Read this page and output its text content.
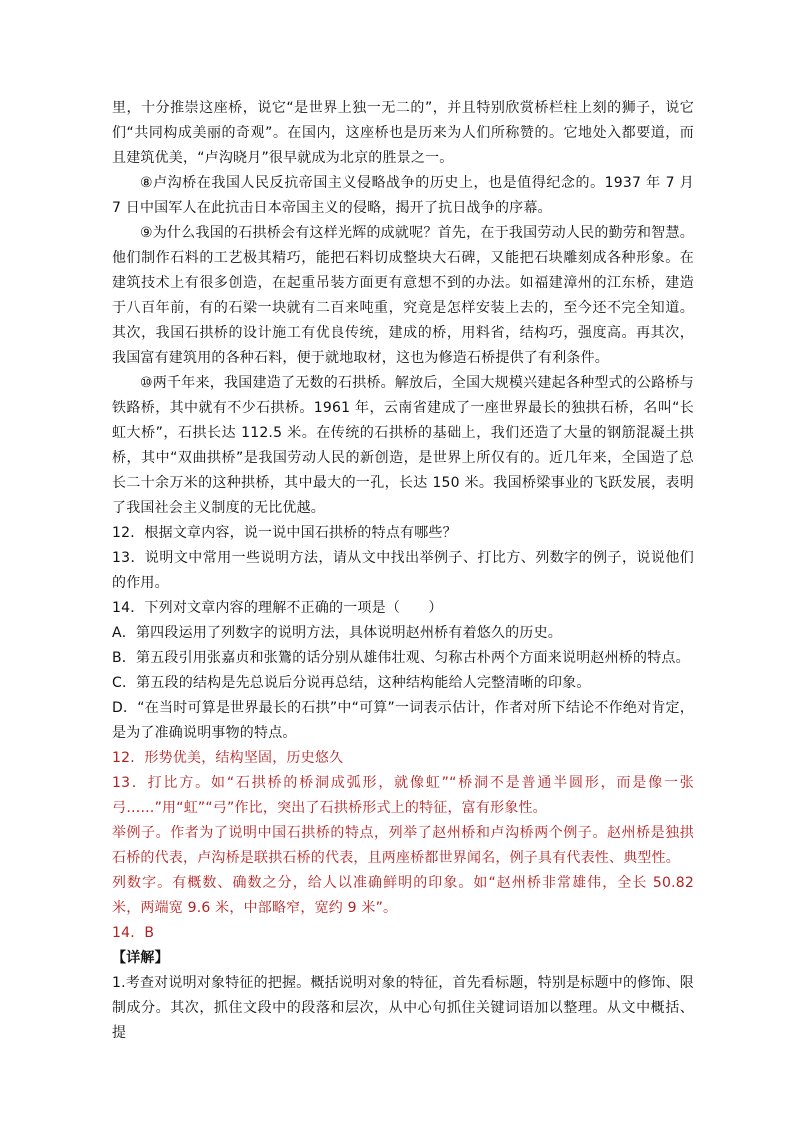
里，十分推崇这座桥，说它“是世界上独一无二的”，并且特别欣赏桥栏柱上刻的狮子，说它们“共同构成美丽的奇观”。在国内，这座桥也是历来为人们所称赞的。它地处入都要道，而且建筑优美，“卢沟晓月”很早就成为北京的胜景之一。

⑧卢沟桥在我国人民反抗帝国主义侵略战争的历史上，也是值得纪念的。1937 年 7 月 7 日中国军人在此抗击日本帝国主义的侵略，揭开了抗日战争的序幕。

⑨为什么我国的石拱桥会有这样光辉的成就呢？首先，在于我国劳动人民的勤劳和智慧。他们制作石料的工艺极其精巧，能把石料切成整块大石碑，又能把石块雕刻成各种形象。在建筑技术上有很多创造，在起重吊装方面更有意想不到的办法。如福建漳州的江东桥，建造于八百年前，有的石梁一块就有二百来吨重，究竟是怎样安装上去的，至今还不完全知道。其次，我国石拱桥的设计施工有优良传统，建成的桥，用料省，结构巧，强度高。再其次，我国富有建筑用的各种石料，便于就地取材，这也为修造石桥提供了有利条件。

⑩两千年来，我国建造了无数的石拱桥。解放后，全国大规模兴建起各种型式的公路桥与铁路桥，其中就有不少石拱桥。1961 年，云南省建成了一座世界最长的独拱石桥，名叫“长虹大桥”，石拱长达 112.5 米。在传统的石拱桥的基础上，我们还造了大量的钢筋混凝土拱桥，其中“双曲拱桥”是我国劳动人民的新创造，是世界上所仅有的。近几年来，全国造了总长二十余万米的这种拱桥，其中最大的一孔，长达 150 米。我国桥梁事业的飞跃发展，表明了我国社会主义制度的无比优越。

12．根据文章内容，说一说中国石拱桥的特点有哪些？

13．说明文中常用一些说明方法，请从文中找出举例子、打比方、列数字的例子，说说他们的作用。

14．下列对文章内容的理解不正确的一项是（　　）

A．第四段运用了列数字的说明方法，具体说明赵州桥有着悠久的历史。

B．第五段引用张嘉贞和张鷟的话分别从雄伟壮观、匀称古朴两个方面来说明赵州桥的特点。

C．第五段的结构是先总说后分说再总结，这种结构能给人完整清晰的印象。

D．“在当时可算是世界最长的石拱”中“可算”一词表示估计，作者对所下结论不作绝对肯定，是为了准确说明事物的特点。

12．形势优美，结构坚固，历史悠久

13．打比方。如“石拱桥的桥洞成弧形，就像虹”“桥洞不是普通半圆形，而是像一张弓……”用“虹”“弓”作比，突出了石拱桥形式上的特征，富有形象性。

举例子。作者为了说明中国石拱桥的特点，列举了赵州桥和卢沟桥两个例子。赵州桥是独拱石桥的代表，卢沟桥是联拱石桥的代表，且两座桥都世界闻名，例子具有代表性、典型性。

列数字。有概数、确数之分，给人以准确鲜明的印象。如“赵州桥非常雄伟，全长 50.82 米，两端宽 9.6 米，中部略窄，宽约 9 米”。

14．B

【详解】

1.考查对说明对象特征的把握。概括说明对象的特征，首先看标题，特别是标题中的修饰、限制成分。其次，抓住文段中的段落和层次，从中心句抓住关键词语加以整理。从文中概括、提
